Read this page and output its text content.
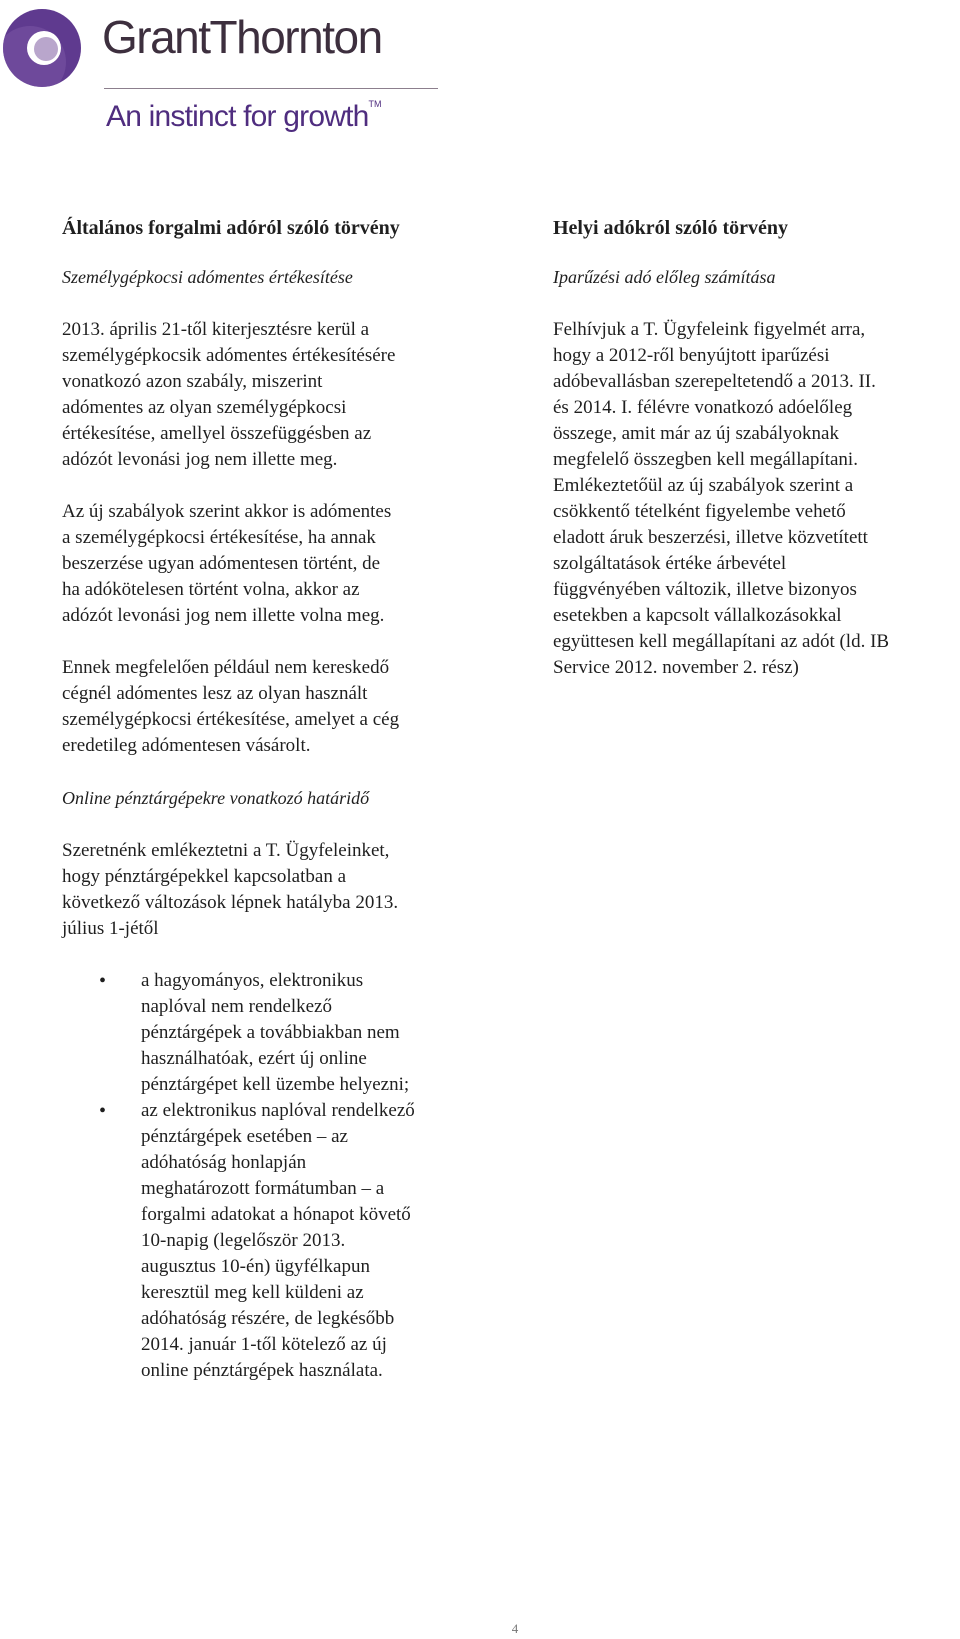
GrantThornton
An instinct for growth™
Általános forgalmi adóról szóló törvény
Személygépkocsi adómentes értékesítése
2013. április 21-től kiterjesztésre kerül a
személygépkocsik adómentes értékesítésére
vonatkozó azon szabály, miszerint
adómentes az olyan személygépkocsi
értékesítése, amellyel összefüggésben az
adózót levonási jog nem illette meg.
Az új szabályok szerint akkor is adómentes
a személygépkocsi értékesítése, ha annak
beszerzése ugyan adómentesen történt, de
ha adókötelesen történt volna, akkor az
adózót levonási jog nem illette volna meg.
Ennek megfelelően például nem kereskedő
cégnél adómentes lesz az olyan használt
személygépkocsi értékesítése, amelyet a cég
eredetileg adómentesen vásárolt.
Online pénztárgépekre vonatkozó határidő
Szeretnénk emlékeztetni a T. Ügyfeleinket,
hogy pénztárgépekkel kapcsolatban a
következő változások lépnek hatályba 2013.
július 1-jétől
• a hagyományos, elektronikus
naplóval nem rendelkező
pénztárgépek a továbbiakban nem
használhatóak, ezért új online
pénztárgépet kell üzembe helyezni;
• az elektronikus naplóval rendelkező
pénztárgépek esetében – az
adóhatóság honlapján
meghatározott formátumban – a
forgalmi adatokat a hónapot követő
10-napig (legelőször 2013.
augusztus 10-én) ügyfélkapun
keresztül meg kell küldeni az
adóhatóság részére, de legkésőbb
2014. január 1-től kötelező az új
online pénztárgépek használata.
Helyi adókról szóló törvény
Iparűzési adó előleg számítása
Felhívjuk a T. Ügyfeleink figyelmét arra,
hogy a 2012-ről benyújtott iparűzési
adóbevallásban szerepeltetendő a 2013. II.
és 2014. I. félévre vonatkozó adóelőleg
összege, amit már az új szabályoknak
megfelelő összegben kell megállapítani.
Emlékeztetőül az új szabályok szerint a
csökkentő tételként figyelembe vehető
eladott áruk beszerzési, illetve közvetített
szolgáltatások értéke árbevétel
függvényében változik, illetve bizonyos
esetekben a kapcsolt vállalkozásokkal
együttesen kell megállapítani az adót (ld. IB
Service 2012. november 2. rész)
4
